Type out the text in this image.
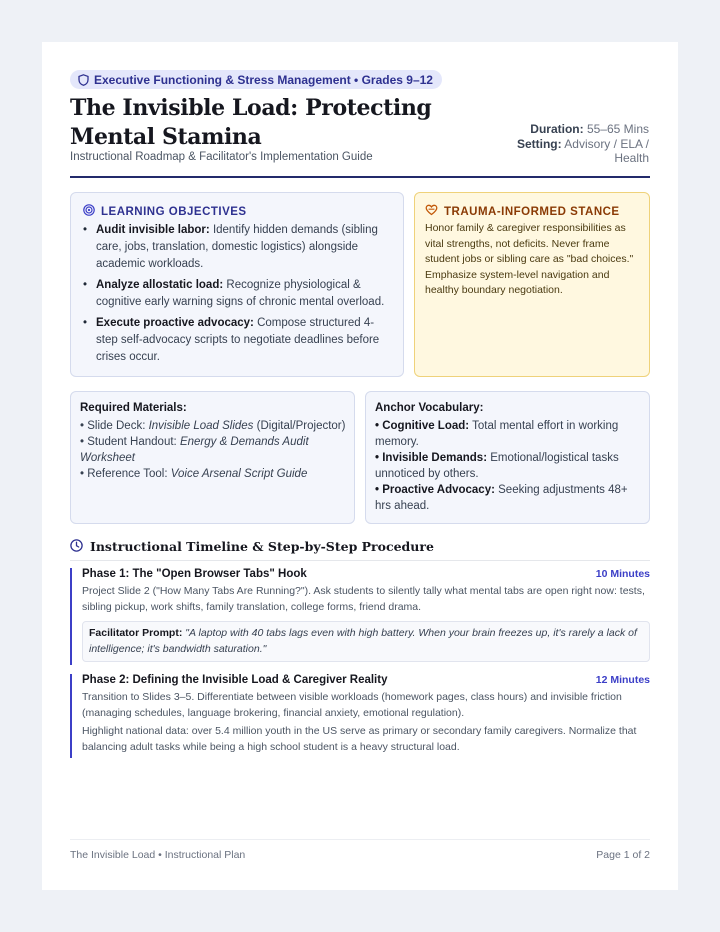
Executive Functioning & Stress Management • Grades 9–12
The Invisible Load: Protecting Mental Stamina
Instructional Roadmap & Facilitator's Implementation Guide
Duration: 55–65 Mins
Setting: Advisory / ELA / Health
LEARNING OBJECTIVES
• Audit invisible labor: Identify hidden demands (sibling care, jobs, translation, domestic logistics) alongside academic workloads.
• Analyze allostatic load: Recognize physiological & cognitive early warning signs of chronic mental overload.
• Execute proactive advocacy: Compose structured 4-step self-advocacy scripts to negotiate deadlines before crises occur.
TRAUMA-INFORMED STANCE
Honor family & caregiver responsibilities as vital strengths, not deficits. Never frame student jobs or sibling care as "bad choices." Emphasize system-level navigation and healthy boundary negotiation.
Required Materials:
• Slide Deck: Invisible Load Slides (Digital/Projector)
• Student Handout: Energy & Demands Audit Worksheet
• Reference Tool: Voice Arsenal Script Guide
Anchor Vocabulary:
• Cognitive Load: Total mental effort in working memory.
• Invisible Demands: Emotional/logistical tasks unnoticed by others.
• Proactive Advocacy: Seeking adjustments 48+ hrs ahead.
Instructional Timeline & Step-by-Step Procedure
Phase 1: The "Open Browser Tabs" Hook	10 Minutes
Project Slide 2 ("How Many Tabs Are Running?"). Ask students to silently tally what mental tabs are open right now: tests, sibling pickup, work shifts, family translation, college forms, friend drama.
Facilitator Prompt: "A laptop with 40 tabs lags even with high battery. When your brain freezes up, it's rarely a lack of intelligence; it's bandwidth saturation."
Phase 2: Defining the Invisible Load & Caregiver Reality	12 Minutes
Transition to Slides 3–5. Differentiate between visible workloads (homework pages, class hours) and invisible friction (managing schedules, language brokering, financial anxiety, emotional regulation).
Highlight national data: over 5.4 million youth in the US serve as primary or secondary family caregivers. Normalize that balancing adult tasks while being a high school student is a heavy structural load.
The Invisible Load • Instructional Plan	Page 1 of 2
